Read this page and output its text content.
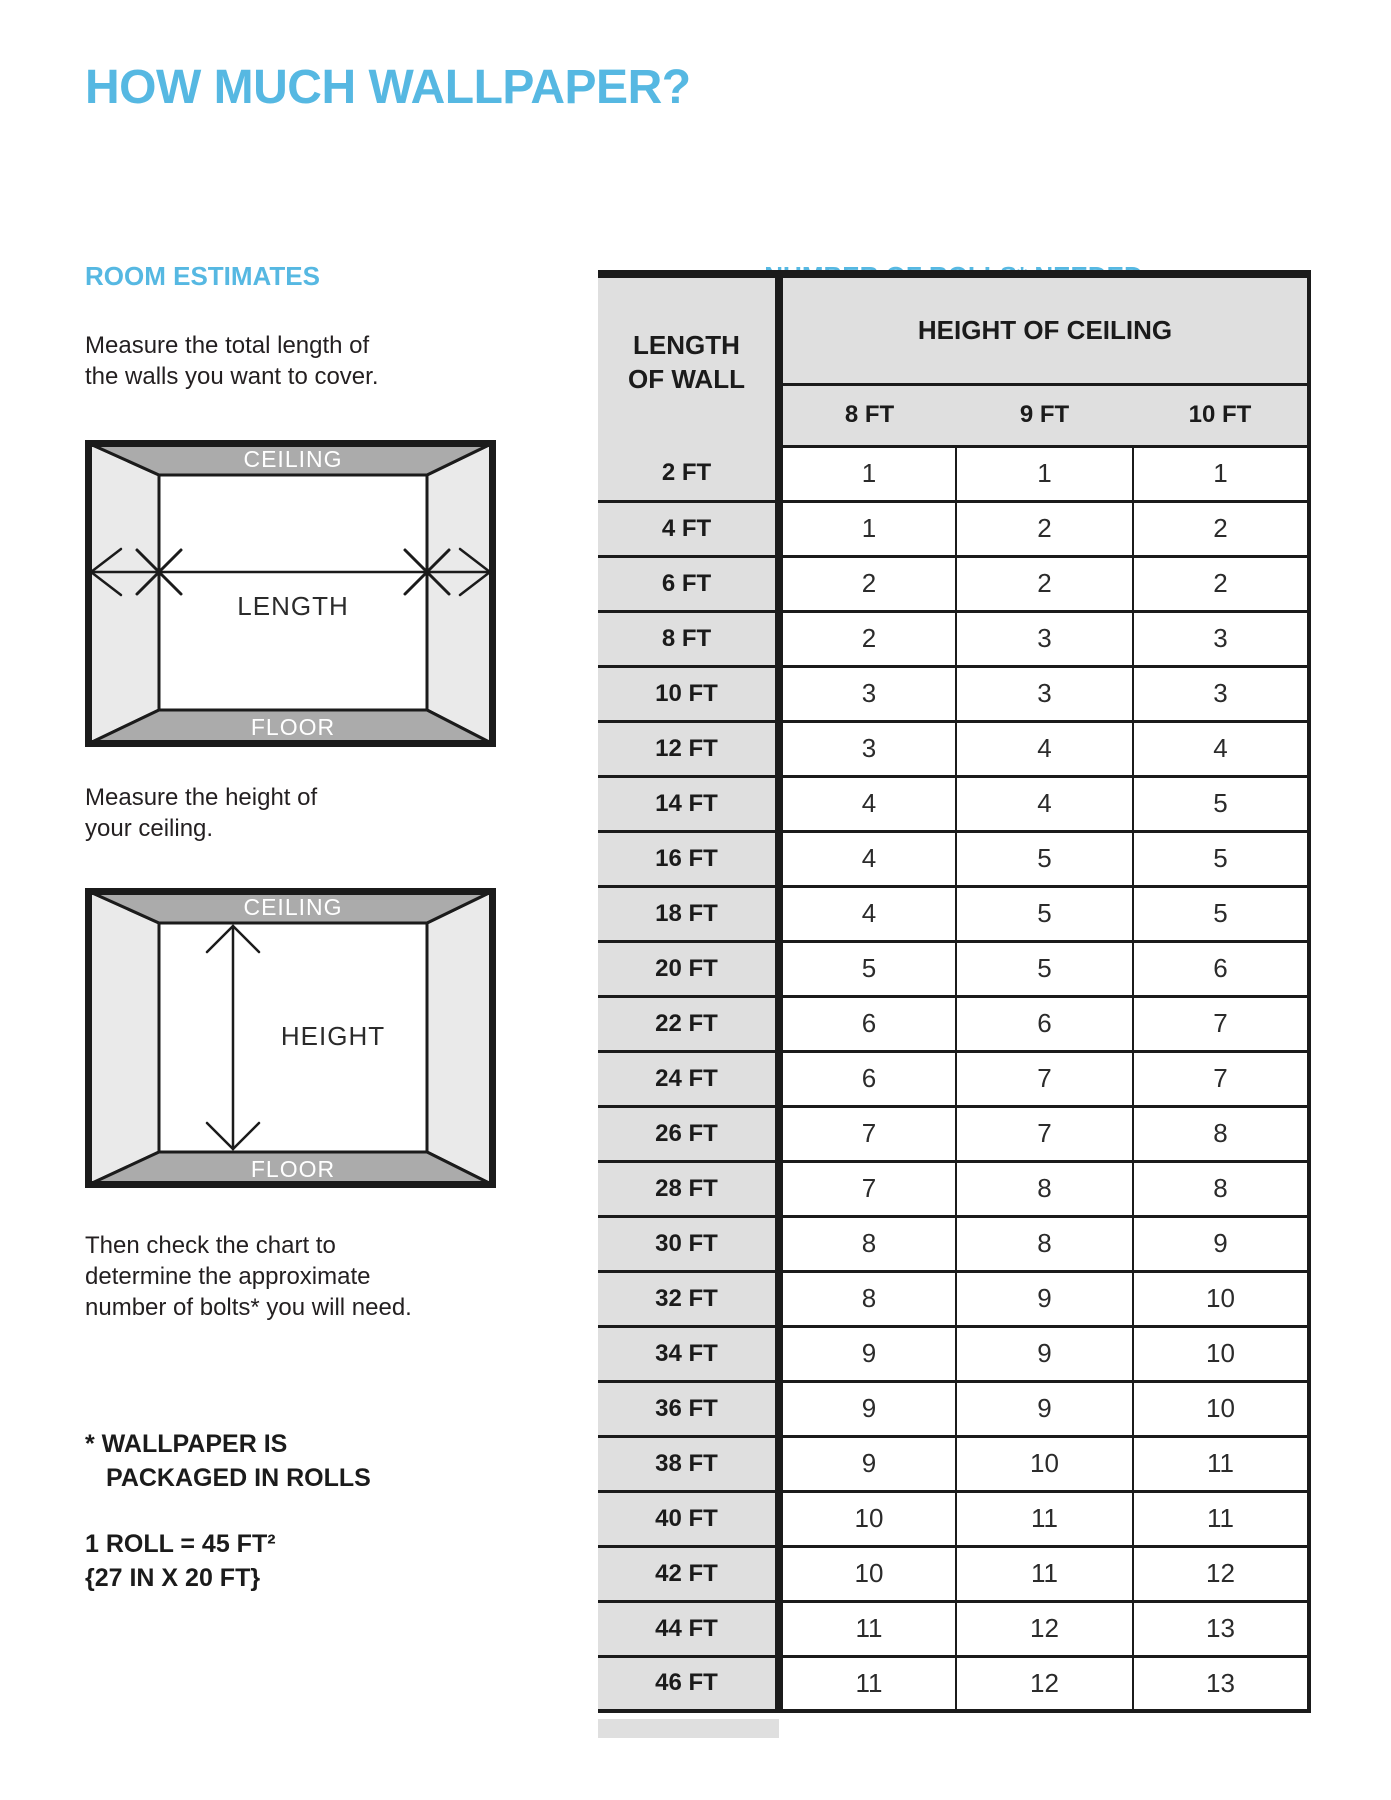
HOW MUCH WALLPAPER?
ROOM ESTIMATES
Measure the total length of
the walls you want to cover.
CEILING
FLOOR
LENGTH
Measure the height of
your ceiling.
CEILING
FLOOR
HEIGHT
Then check the chart to
determine the approximate
number of bolts* you will need.
* WALLPAPER IS
PACKAGED IN ROLLS
1 ROLL = 45 FT²
{27 IN X 20 FT}
LENGTH
OF WALL	HEIGHT OF CEILING		
	8 FT	9 FT	10 FT
2 FT	1	1	1
4 FT	1	2	2
6 FT	2	2	2
8 FT	2	3	3
10 FT	3	3	3
12 FT	3	4	4
14 FT	4	4	5
16 FT	4	5	5
18 FT	4	5	5
20 FT	5	5	6
22 FT	6	6	7
24 FT	6	7	7
26 FT	7	7	8
28 FT	7	8	8
30 FT	8	8	9
32 FT	8	9	10
34 FT	9	9	10
36 FT	9	9	10
38 FT	9	10	11
40 FT	10	11	11
42 FT	10	11	12
44 FT	11	12	13
46 FT	11	12	13
